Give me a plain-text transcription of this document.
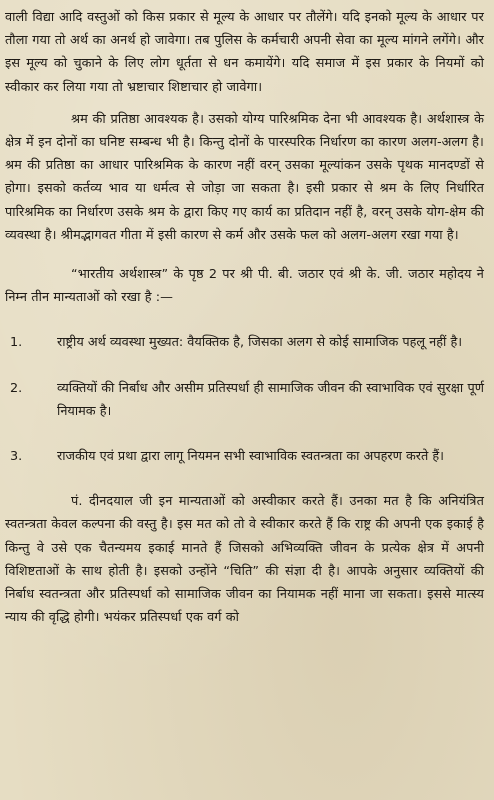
वाली विद्या आदि वस्तुओं को किस प्रकार से मूल्य के आधार पर तौलेंगे। यदि इनको मूल्य के आधार पर तौला गया तो अर्थ का अनर्थ हो जावेगा। तब पुलिस के कर्मचारी अपनी सेवा का मूल्य मांगने लगेंगे। और इस मूल्य को चुकाने के लिए लोग धूर्तता से धन कमायेंगे। यदि समाज में इस प्रकार के नियमों को स्वीकार कर लिया गया तो भ्रष्टाचार शिष्टाचार हो जावेगा।

श्रम की प्रतिष्ठा आवश्यक है। उसको योग्य पारिश्रमिक देना भी आवश्यक है। अर्थशास्त्र के क्षेत्र में इन दोनों का घनिष्ट सम्बन्ध भी है। किन्तु दोनों के पारस्परिक निर्धारण का कारण अलग-अलग है। श्रम की प्रतिष्ठा का आधार पारिश्रमिक के कारण नहीं वरन् उसका मूल्यांकन उसके पृथक मानदण्डों से होगा। इसको कर्तव्य भाव या धर्मत्व से जोड़ा जा सकता है। इसी प्रकार से श्रम के लिए निर्धारित पारिश्रमिक का निर्धारण उसके श्रम के द्वारा किए गए कार्य का प्रतिदान नहीं है, वरन् उसके योग-क्षेम की व्यवस्था है। श्रीमद्भागवत गीता में इसी कारण से कर्म और उसके फल को अलग-अलग रखा गया है।

“भारतीय अर्थशास्त्र” के पृष्ठ 2 पर श्री पी. बी. जठार एवं श्री के. जी. जठार महोदय ने निम्न तीन मान्यताओं को रखा है :—

1.	राष्ट्रीय अर्थ व्यवस्था मुख्यत: वैयक्तिक है, जिसका अलग से कोई सामाजिक पहलू नहीं है।

2.	व्यक्तियों की निर्बाध और असीम प्रतिस्पर्धा ही सामाजिक जीवन की स्वाभाविक एवं सुरक्षा पूर्ण नियामक है।

3.	राजकीय एवं प्रथा द्वारा लागू नियमन सभी स्वाभाविक स्वतन्त्रता का अपहरण करते हैं।

पं. दीनदयाल जी इन मान्यताओं को अस्वीकार करते हैं। उनका मत है कि अनियंत्रित स्वतन्त्रता केवल कल्पना की वस्तु है। इस मत को तो वे स्वीकार करते हैं कि राष्ट्र की अपनी एक इकाई है किन्तु वे उसे एक चैतन्यमय इकाई मानते हैं जिसको अभिव्यक्ति जीवन के प्रत्येक क्षेत्र में अपनी विशिष्टताओं के साथ होती है। इसको उन्होंने “चिति” की संज्ञा दी है। आपके अनुसार व्यक्तियों की निर्बाध स्वतन्त्रता और प्रतिस्पर्धा को सामाजिक जीवन का नियामक नहीं माना जा सकता। इससे मात्स्य न्याय की वृद्धि होगी। भयंकर प्रतिस्पर्धा एक वर्ग को
